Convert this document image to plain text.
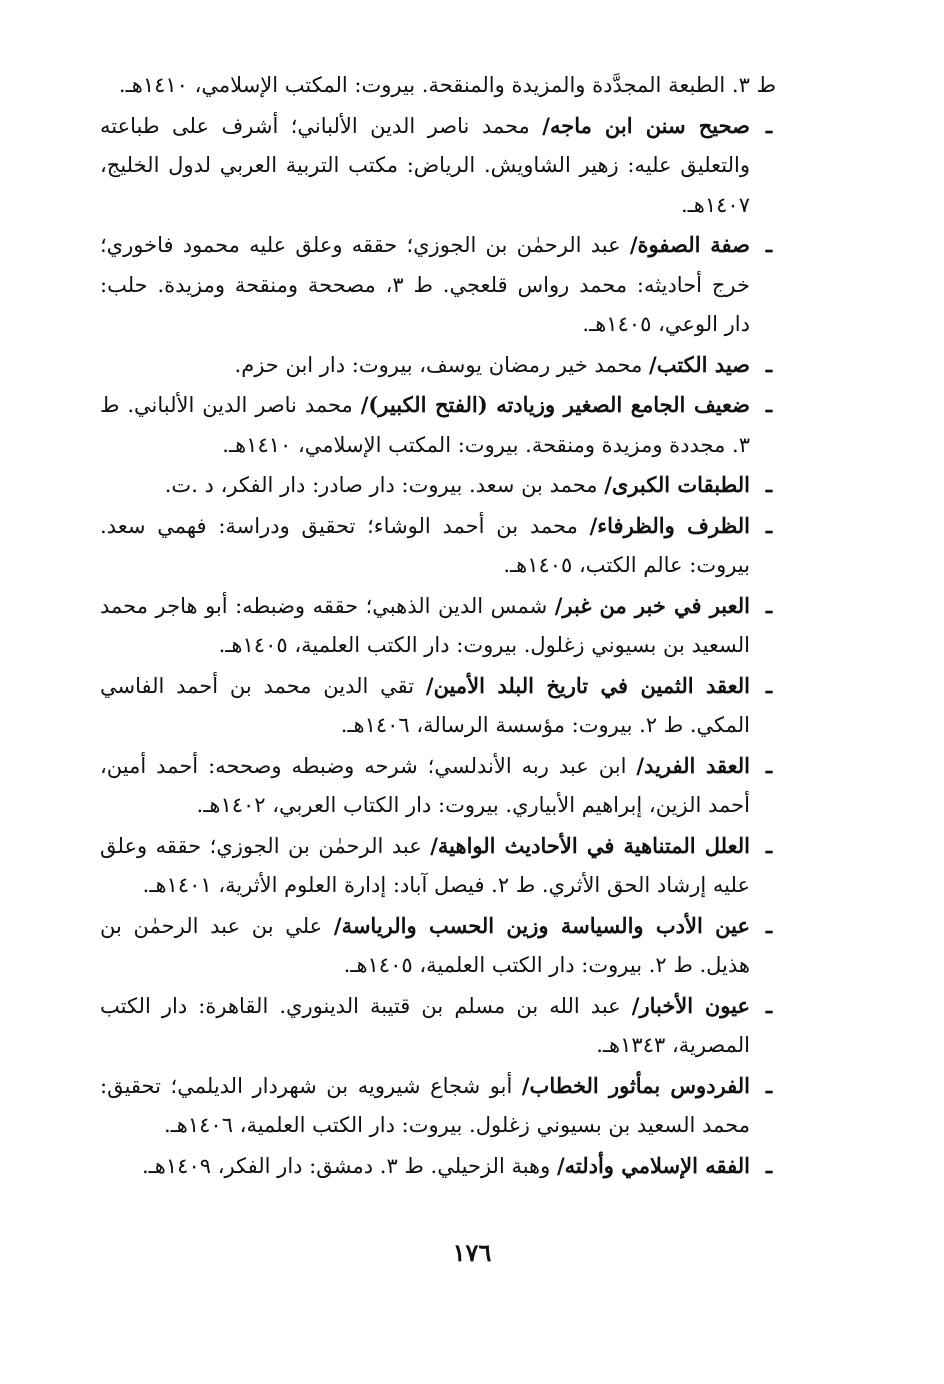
ط ٣. الطبعة المجدَّدة والمزيدة والمنقحة. بيروت: المكتب الإسلامي، ١٤١٠هـ.

ـ
صحيح سنن ابن ماجه/ محمد ناصر الدين الألباني؛ أشرف على طباعته والتعليق عليه: زهير الشاويش. الرياض: مكتب التربية العربي لدول الخليج، ١٤٠٧هـ.

ـ
صفة الصفوة/ عبد الرحمٰن بن الجوزي؛ حققه وعلق عليه محمود فاخوري؛ خرج أحاديثه: محمد رواس قلعجي. ط ٣، مصححة ومنقحة ومزيدة. حلب: دار الوعي، ١٤٠٥هـ.

ـ
صيد الكتب/ محمد خير رمضان يوسف، بيروت: دار ابن حزم.

ـ
ضعيف الجامع الصغير وزيادته (الفتح الكبير)/ محمد ناصر الدين الألباني. ط ٣. مجددة ومزيدة ومنقحة. بيروت: المكتب الإسلامي، ١٤١٠هـ.

ـ
الطبقات الكبرى/ محمد بن سعد. بيروت: دار صادر: دار الفكر، د .ت.

ـ
الظرف والظرفاء/ محمد بن أحمد الوشاء؛ تحقيق ودراسة: فهمي سعد. بيروت: عالم الكتب، ١٤٠٥هـ.

ـ
العبر في خبر من غبر/ شمس الدين الذهبي؛ حققه وضبطه: أبو هاجر محمد السعيد بن بسيوني زغلول. بيروت: دار الكتب العلمية، ١٤٠٥هـ.

ـ
العقد الثمين في تاريخ البلد الأمين/ تقي الدين محمد بن أحمد الفاسي المكي. ط ٢. بيروت: مؤسسة الرسالة، ١٤٠٦هـ.

ـ
العقد الفريد/ ابن عبد ربه الأندلسي؛ شرحه وضبطه وصححه: أحمد أمين، أحمد الزين، إبراهيم الأبياري. بيروت: دار الكتاب العربي، ١٤٠٢هـ.

ـ
العلل المتناهية في الأحاديث الواهية/ عبد الرحمٰن بن الجوزي؛ حققه وعلق عليه إرشاد الحق الأثري. ط ٢. فيصل آباد: إدارة العلوم الأثرية، ١٤٠١هـ.

ـ
عين الأدب والسياسة وزين الحسب والرياسة/ علي بن عبد الرحمٰن بن هذيل. ط ٢. بيروت: دار الكتب العلمية، ١٤٠٥هـ.

ـ
عيون الأخبار/ عبد الله بن مسلم بن قتيبة الدينوري. القاهرة: دار الكتب المصرية، ١٣٤٣هـ.

ـ
الفردوس بمأثور الخطاب/ أبو شجاع شيرويه بن شهردار الديلمي؛ تحقيق: محمد السعيد بن بسيوني زغلول. بيروت: دار الكتب العلمية، ١٤٠٦هـ.

ـ
الفقه الإسلامي وأدلته/ وهبة الزحيلي. ط ٣. دمشق: دار الفكر، ١٤٠٩هـ.

١٧٦
